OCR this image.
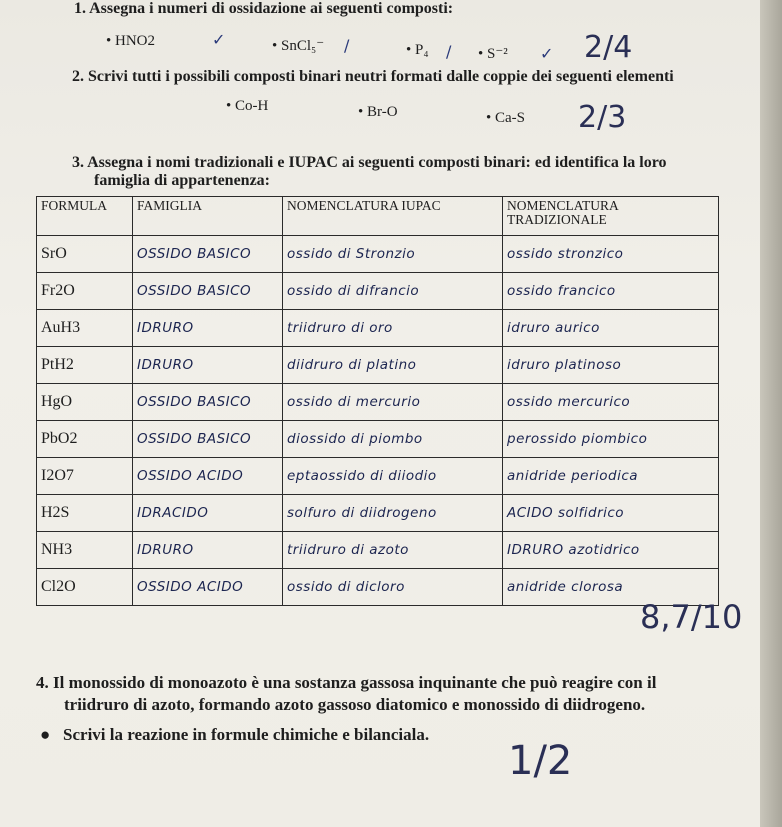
1. Assegna i numeri di ossidazione ai seguenti composti:
• HNO2	✓	• SnCl₅⁻ /	• P₄ /	• S⁻² ✓ 2/4
2. Scrivi tutti i possibili composti binari neutri formati dalle coppie dei seguenti elementi
• Co-H	• Br-O	• Ca-S 2/3
3. Assegna i nomi tradizionali e IUPAC ai seguenti composti binari: ed identifica la loro
famiglia di appartenenza:
FORMULA	FAMIGLIA	NOMENCLATURA IUPAC	NOMENCLATURA
TRADIZIONALE
SrO	OSSIDO BASICO	ossido di Stronzio	ossido stronzico
Fr2O	OSSIDO BASICO	ossido di difrancio	ossido francico
AuH3	IDRURO	triidruro di oro	idruro aurico
PtH2	IDRURO	diidruro di platino	idruro platinoso
HgO	OSSIDO BASICO	ossido di mercurio	ossido mercurico
PbO2	OSSIDO BASICO	diossido di piombo	perossido piombico
I2O7	OSSIDO ACIDO	eptaossido di diiodio	anidride periodica
H2S	IDRACIDO	solfuro di diidrogeno	ACIDO solfidrico
NH3	IDRURO	triidruro di azoto	IDRURO azotidrico
Cl2O	OSSIDO ACIDO	ossido di dicloro	anidride clorosa
8,7/10
4. Il monossido di monoazoto è una sostanza gassosa inquinante che può reagire con il
triidruro di azoto, formando azoto gassoso diatomico e monossido di diidrogeno.
●   Scrivi la reazione in formule chimiche e bilanciala.
1/2
